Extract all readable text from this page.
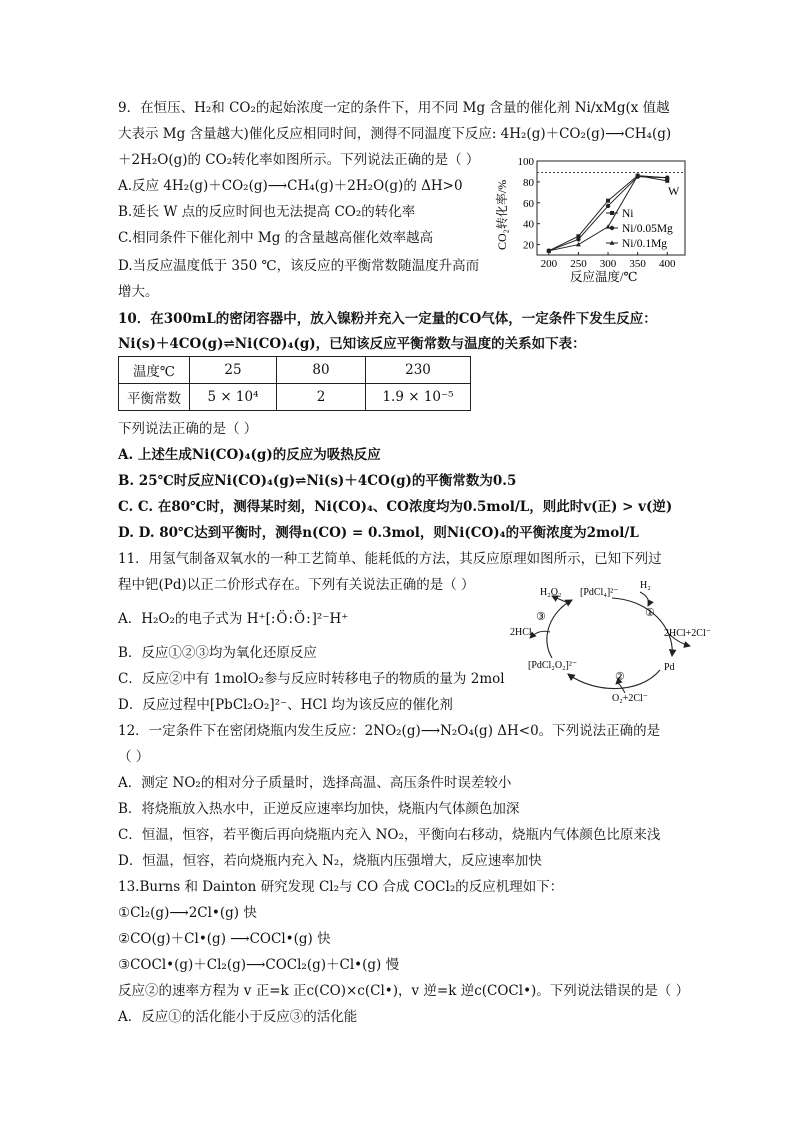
9．在恒压、H₂和 CO₂的起始浓度一定的条件下，用不同 Mg 含量的催化剂 Ni/xMg(x 值越
大表示 Mg 含量越大)催化反应相同时间，测得不同温度下反应: 4H₂(g)＋CO₂(g)⟶CH₄(g)
＋2H₂O(g)的 CO₂转化率如图所示。下列说法正确的是（ ）
A.反应 4H₂(g)＋CO₂(g)⟶CH₄(g)＋2H₂O(g)的 ΔH>0
B.延长 W 点的反应时间也无法提高 CO₂的转化率
C.相同条件下催化剂中 Mg 的含量越高催化效率越高
D.当反应温度低于 350 ℃，该反应的平衡常数随温度升高而
增大。
200 250 300 350 400
20
40
60
80
100
W
Ni
Ni/0.05Mg
Ni/0.1Mg
CO₂转化率/%
反应温度/℃
10．在300mL的密闭容器中，放入镍粉并充入一定量的CO气体，一定条件下发生反应：
Ni(s)＋4CO(g)⇌Ni(CO)₄(g)，已知该反应平衡常数与温度的关系如下表：
温度℃	25	80	230
平衡常数	5 × 10⁴	2	1.9 × 10⁻⁵
下列说法正确的是（ ）
A. 上述生成Ni(CO)₄(g)的反应为吸热反应
B. 25℃时反应Ni(CO)₄(g)⇌Ni(s)＋4CO(g)的平衡常数为0.5
C. C. 在80℃时，测得某时刻，Ni(CO)₄、CO浓度均为0.5mol/L，则此时v(正) > v(逆)
D. D. 80℃达到平衡时，测得n(CO) = 0.3mol，则Ni(CO)₄的平衡浓度为2mol/L
11．用氢气制备双氧水的一种工艺简单、能耗低的方法，其反应原理如图所示，已知下列过
程中钯(Pd)以正二价形式存在。下列有关说法正确的是（ ）
A．H₂O₂的电子式为 H⁺[:Ö:Ö:]²⁻H⁺
B．反应①②③均为氧化还原反应
C．反应②中有 1molO₂参与反应时转移电子的物质的量为 2mol
D．反应过程中[PbCl₂O₂]²⁻、HCl 均为该反应的催化剂
[PdCl₄]²⁻
H₂O₂
H₂
2HCl	2HCl+2Cl⁻
Pd
[PdCl₂O₂]²⁻
O₂+2Cl⁻
①
②
③
12．一定条件下在密闭烧瓶内发生反应：2NO₂(g)⟶N₂O₄(g) ΔH<0。下列说法正确的是
（ ）
A．测定 NO₂的相对分子质量时，选择高温、高压条件时误差较小
B．将烧瓶放入热水中，正逆反应速率均加快，烧瓶内气体颜色加深
C．恒温，恒容，若平衡后再向烧瓶内充入 NO₂，平衡向右移动，烧瓶内气体颜色比原来浅
D．恒温，恒容，若向烧瓶内充入 N₂，烧瓶内压强增大，反应速率加快
13.Burns 和 Dainton 研究发现 Cl₂与 CO 合成 COCl₂的反应机理如下：
①Cl₂(g)⟶2Cl•(g) 快
②CO(g)＋Cl•(g) ⟶COCl•(g) 快
③COCl•(g)＋Cl₂(g)⟶COCl₂(g)＋Cl•(g) 慢
反应②的速率方程为 v 正=k 正c(CO)×c(Cl•)，v 逆=k 逆c(COCl•)。下列说法错误的是（ ）
A．反应①的活化能小于反应③的活化能
